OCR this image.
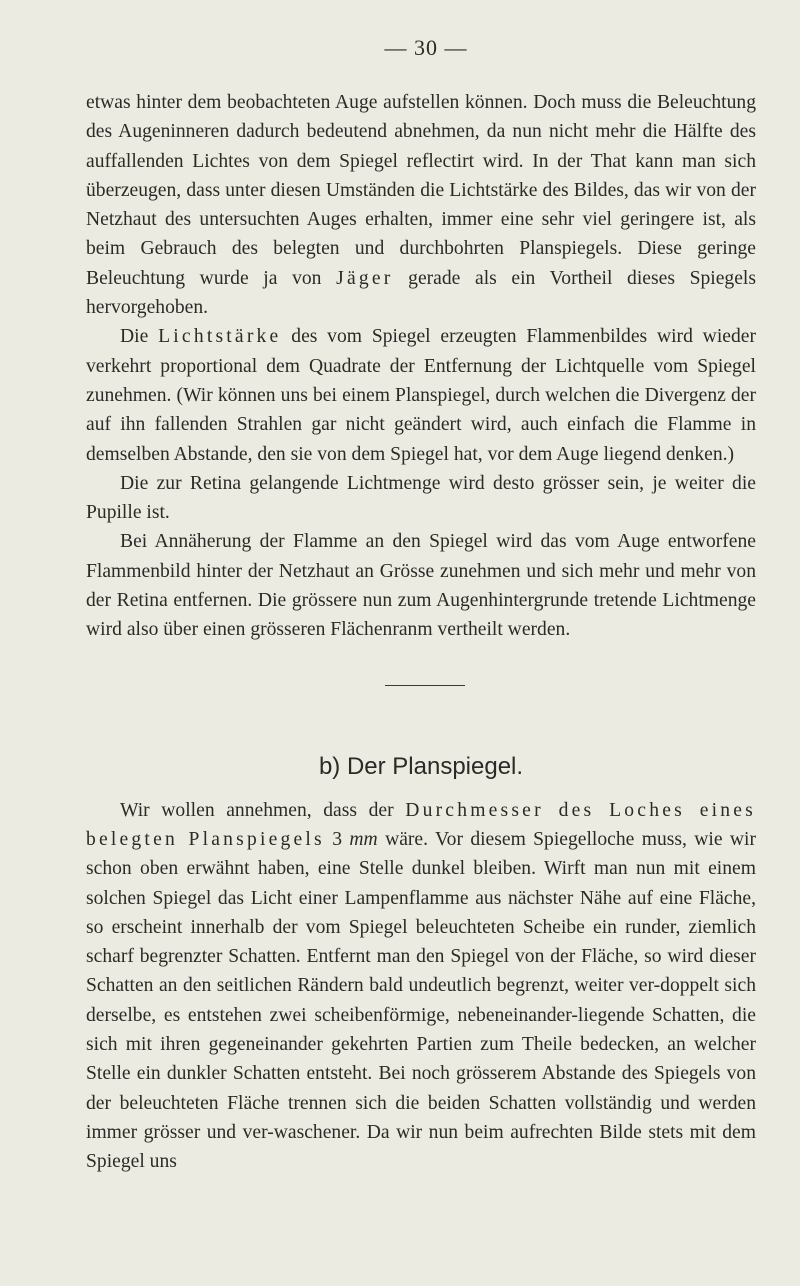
— 30 —

etwas hinter dem beobachteten Auge aufstellen können. Doch muss die Beleuchtung des Augeninneren dadurch bedeutend abnehmen, da nun nicht mehr die Hälfte des auffallenden Lichtes von dem Spiegel reflectirt wird. In der That kann man sich überzeugen, dass unter diesen Umständen die Lichtstärke des Bildes, das wir von der Netzhaut des untersuchten Auges erhalten, immer eine sehr viel geringere ist, als beim Gebrauch des belegten und durchbohrten Planspiegels. Diese geringe Beleuchtung wurde ja von Jäger gerade als ein Vortheil dieses Spiegels hervorgehoben.

Die Lichtstärke des vom Spiegel erzeugten Flammenbildes wird wieder verkehrt proportional dem Quadrate der Entfernung der Lichtquelle vom Spiegel zunehmen. (Wir können uns bei einem Planspiegel, durch welchen die Divergenz der auf ihn fallenden Strahlen gar nicht geändert wird, auch einfach die Flamme in demselben Abstande, den sie von dem Spiegel hat, vor dem Auge liegend denken.)

Die zur Retina gelangende Lichtmenge wird desto grösser sein, je weiter die Pupille ist.

Bei Annäherung der Flamme an den Spiegel wird das vom Auge entworfene Flammenbild hinter der Netzhaut an Grösse zunehmen und sich mehr und mehr von der Retina entfernen. Die grössere nun zum Augenhintergrunde tretende Lichtmenge wird also über einen grösseren Flächenranm vertheilt werden.

b) Der Planspiegel.

Wir wollen annehmen, dass der Durchmesser des Loches eines belegten Planspiegels 3 mm wäre. Vor diesem Spiegelloche muss, wie wir schon oben erwähnt haben, eine Stelle dunkel bleiben. Wirft man nun mit einem solchen Spiegel das Licht einer Lampenflamme aus nächster Nähe auf eine Fläche, so erscheint innerhalb der vom Spiegel beleuchteten Scheibe ein runder, ziemlich scharf begrenzter Schatten. Entfernt man den Spiegel von der Fläche, so wird dieser Schatten an den seitlichen Rändern bald undeutlich begrenzt, weiter ver-doppelt sich derselbe, es entstehen zwei scheibenförmige, nebeneinander-liegende Schatten, die sich mit ihren gegeneinander gekehrten Partien zum Theile bedecken, an welcher Stelle ein dunkler Schatten entsteht. Bei noch grösserem Abstande des Spiegels von der beleuchteten Fläche trennen sich die beiden Schatten vollständig und werden immer grösser und ver-waschener. Da wir nun beim aufrechten Bilde stets mit dem Spiegel uns
